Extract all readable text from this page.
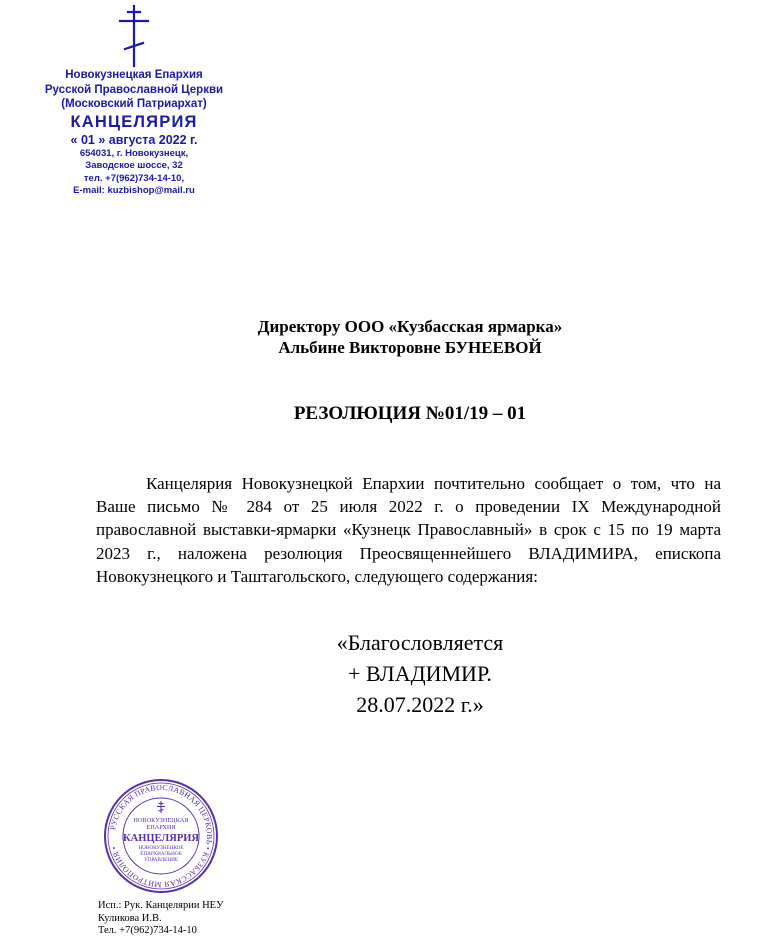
Новокузнецкая Епархия
Русской Православной Церкви
(Московский Патриархат)
КАНЦЕЛЯРИЯ
« 01 » августа 2022 г.
654031, г. Новокузнецк,
Заводское шоссе, 32
тел. +7(962)734-14-10,
E-mail: kuzbishop@mail.ru
Директору ООО «Кузбасская ярмарка»
Альбине Викторовне БУНЕЕВОЙ
РЕЗОЛЮЦИЯ №01/19 – 01

Канцелярия Новокузнецкой Епархии почтительно сообщает о том, что на Ваше письмо № 284 от 25 июля 2022 г. о проведении IX Международной православной выставки-ярмарки «Кузнецк Православный» в срок с 15 по 19 марта 2023 г., наложена резолюция Преосвященнейшего ВЛАДИМИРА, епископа Новокузнецкого и Таштагольского, следующего содержания:

«Благословляется
+ ВЛАДИМИР.
28.07.2022 г.»
РУССКАЯ ПРАВОСЛАВНАЯ ЦЕРКОВЬ • КУЗБАССКАЯ МИТРОПОЛИЯ •
НОВОКУЗНЕЦКАЯ
ЕПАРХИЯ
КАНЦЕЛЯРИЯ
НОВОКУЗНЕЦКОЕ
ЕПАРХИАЛЬНОЕ
УПРАВЛЕНИЕ
Исп.: Рук. Канцелярии НЕУ
Куликова И.В.
Тел. +7(962)734-14-10
